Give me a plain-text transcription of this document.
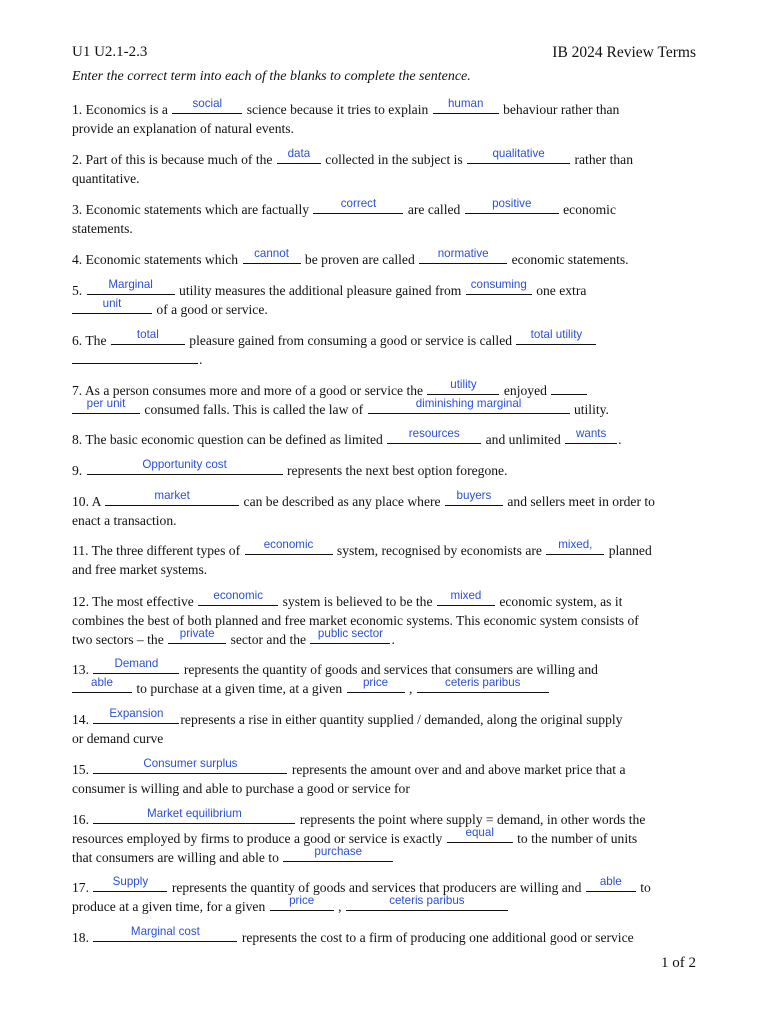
U1 U2.1-2.3	IB 2024 Review Terms
Enter the correct term into each of the blanks to complete the sentence.
1. Economics is a	social	science because it tries to explain	human	behaviour rather than
provide an explanation of natural events.
2. Part of this is because much of the	data	collected in the subject is	qualitative	rather than
quantitative.
3. Economic statements which are factually	correct	are called	positive	economic
statements.
4. Economic statements which	cannot	be proven are called	normative	economic statements.
5.	Marginal	utility measures the additional pleasure gained from consuming one extra

unit	of a good or service.
6. The	total	pleasure gained from consuming a good or service is called	total utility

.
7. As a person consumes more and more of a good or service the	utility	enjoyed

per unit	consumed falls. This is called the law of	diminishing marginal	utility.
8. The basic economic question can be defined as limited	resources	and unlimited	wants .
9.	Opportunity cost	represents the next best option foregone.
10. A	market	can be described as any place where	buyers	and sellers meet in order to
enact a transaction.
11. The three different types of	economic	system, recognised by economists are	mixed,	planned
and free market systems.
12. The most effective	economic	system is believed to be the	mixed	economic system, as it
combines the best of both planned and free market economic systems. This economic system consists of
two sectors – the	private	sector and the	public sector .
13.	Demand	represents the quantity of goods and services that consumers are willing and

able	to purchase at a given time, at a given	price	,	ceteris paribus
14.	Expansion	represents a rise in either quantity supplied / demanded, along the original supply
or demand curve
15.	Consumer surplus	represents the amount over and and above market price that a
consumer is willing and able to purchase a good or service for
16.	Market equilibrium	represents the point where supply = demand, in other words the
resources employed by firms to produce a good or service is exactly	equal	to the number of units
that consumers are willing and able to	purchase
17.	Supply	represents the quantity of goods and services that producers are willing and	able	to
produce at a given time, for a given	price	,	ceteris paribus
18.	Marginal cost	represents the cost to a firm of producing one additional good or service
1 of 2
